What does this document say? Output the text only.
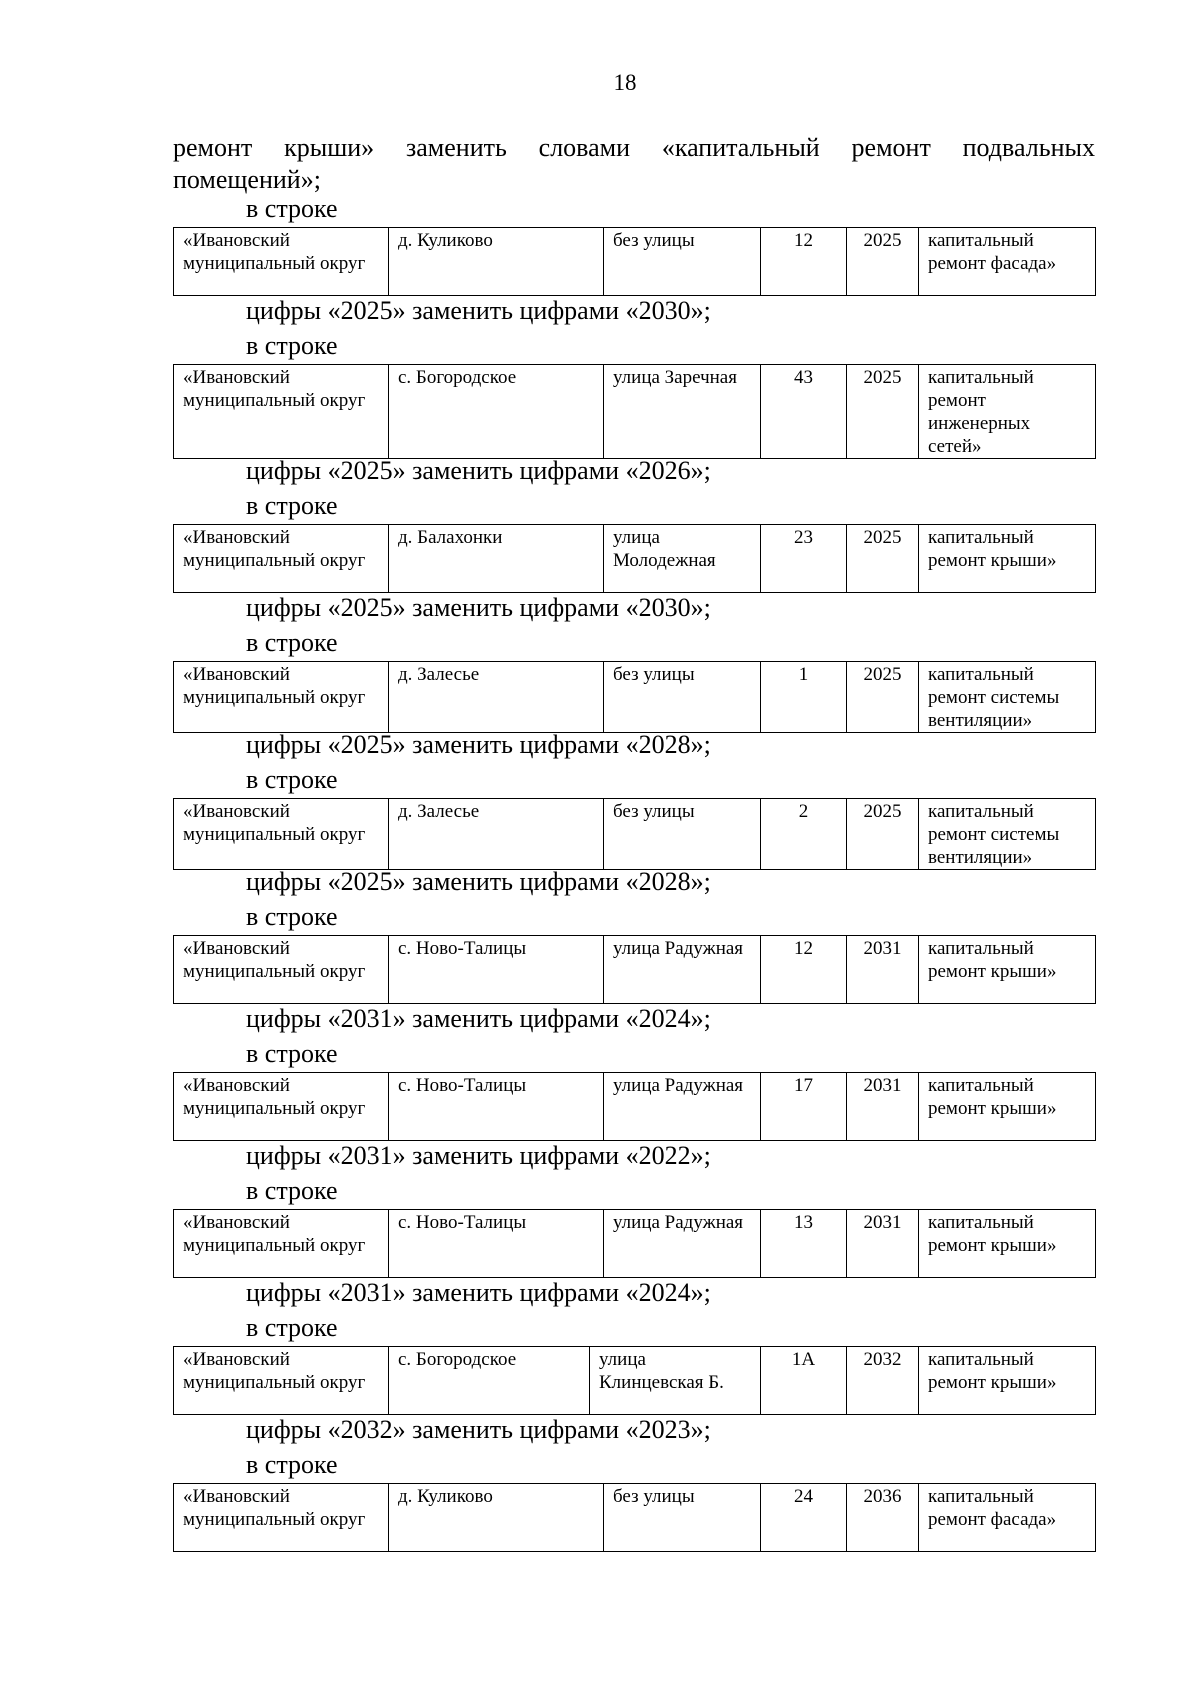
18
ремонт крыши» заменить словами «капитальный ремонт подвальных
помещений»;
в строке
«Ивановский муниципальный округ	д. Куликово	без улицы	12	2025	капитальный ремонт фасада»
цифры «2025» заменить цифрами «2030»;
в строке
«Ивановский муниципальный округ	с. Богородское	улица Заречная	43	2025	капитальный ремонт инженерных сетей»
цифры «2025» заменить цифрами «2026»;
в строке
«Ивановский муниципальный округ	д. Балахонки	улица Молодежная	23	2025	капитальный ремонт крыши»
цифры «2025» заменить цифрами «2030»;
в строке
«Ивановский муниципальный округ	д. Залесье	без улицы	1	2025	капитальный ремонт системы вентиляции»
цифры «2025» заменить цифрами «2028»;
в строке
«Ивановский муниципальный округ	д. Залесье	без улицы	2	2025	капитальный ремонт системы вентиляции»
цифры «2025» заменить цифрами «2028»;
в строке
«Ивановский муниципальный округ	с. Ново-Талицы	улица Радужная	12	2031	капитальный ремонт крыши»
цифры «2031» заменить цифрами «2024»;
в строке
«Ивановский муниципальный округ	с. Ново-Талицы	улица Радужная	17	2031	капитальный ремонт крыши»
цифры «2031» заменить цифрами «2022»;
в строке
«Ивановский муниципальный округ	с. Ново-Талицы	улица Радужная	13	2031	капитальный ремонт крыши»
цифры «2031» заменить цифрами «2024»;
в строке
«Ивановский муниципальный округ	с. Богородское	улица Клинцевская Б.	1А	2032	капитальный ремонт крыши»
цифры «2032» заменить цифрами «2023»;
в строке
«Ивановский муниципальный округ	д. Куликово	без улицы	24	2036	капитальный ремонт фасада»
